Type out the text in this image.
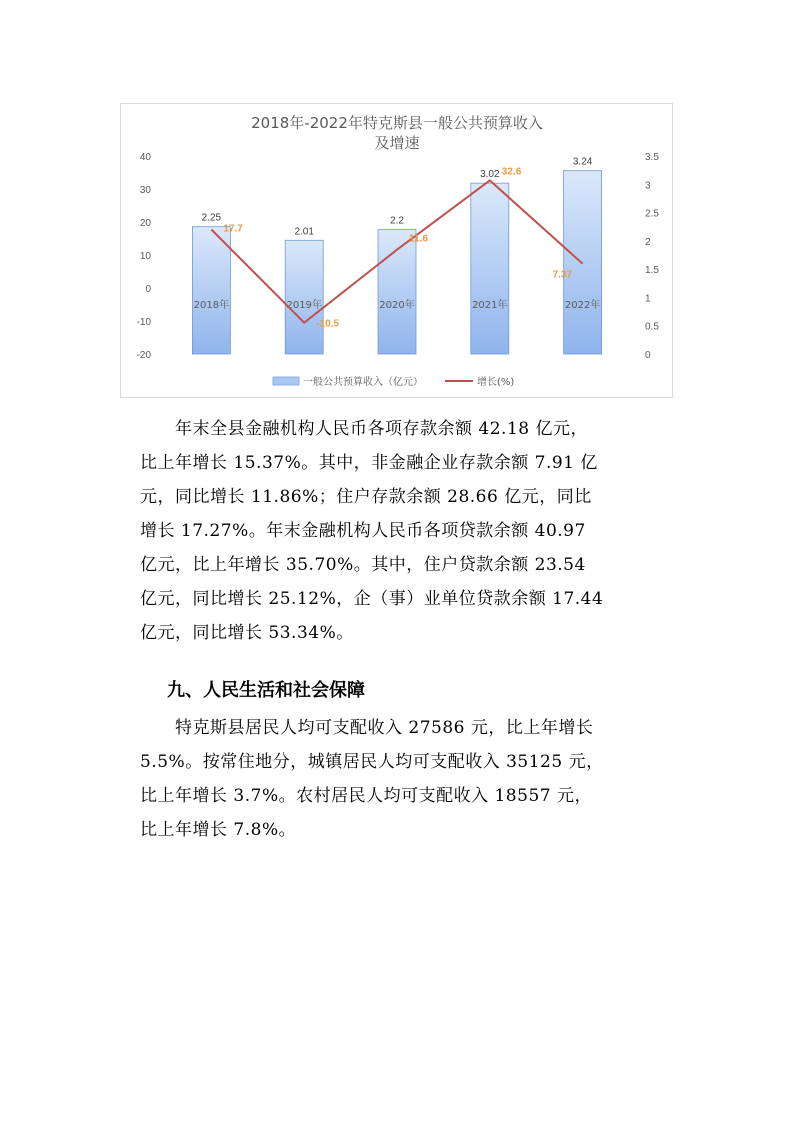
2018年-2022年特克斯县一般公共预算收入
及增速
-20
-10
0
10
20
30
40
0
0.5
1
1.5
2
2.5
3
3.5
2.25
2.01
2.2
3.02
3.24
2018年	2019年	2020年	2021年	2022年
17.7
-10.5
11.6
32.6
7.37
一般公共预算收入（亿元）	增长(%)
　　年末全县金融机构人民币各项存款余额 42.18 亿元，
比上年增长 15.37%。其中，非金融企业存款余额 7.91 亿
元，同比增长 11.86%；住户存款余额 28.66 亿元，同比
增长 17.27%。年末金融机构人民币各项贷款余额 40.97
亿元，比上年增长 35.70%。其中，住户贷款余额 23.54
亿元，同比增长 25.12%，企（事）业单位贷款余额 17.44
亿元，同比增长 53.34%。
九、人民生活和社会保障
　　特克斯县居民人均可支配收入 27586 元，比上年增长
5.5%。按常住地分，城镇居民人均可支配收入 35125 元，
比上年增长 3.7%。农村居民人均可支配收入 18557 元，
比上年增长 7.8%。
